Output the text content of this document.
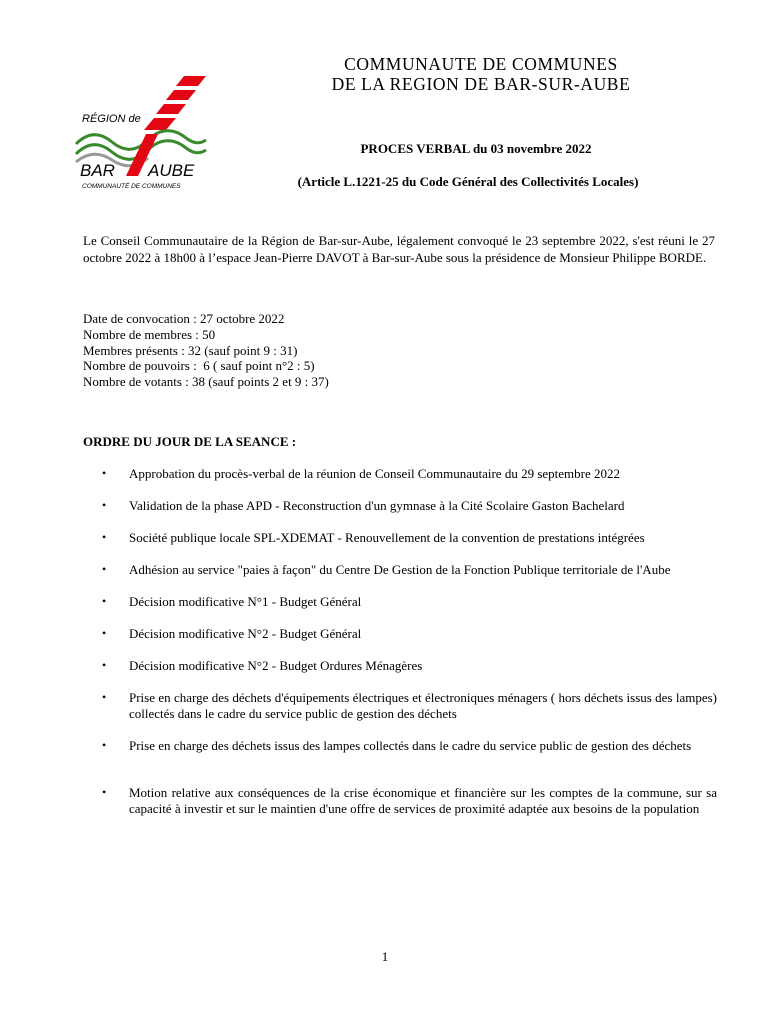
RÉGION de
BAR AUBE
COMMUNAUTÉ DE COMMUNES
COMMUNAUTE DE COMMUNES
DE LA REGION DE BAR-SUR-AUBE
PROCES VERBAL du 03 novembre 2022
(Article L.1221-25 du Code Général des Collectivités Locales)

Le Conseil Communautaire de la Région de Bar-sur-Aube, légalement convoqué le 23 septembre 2022, s'est réuni le 27 octobre 2022 à 18h00 à l’espace Jean-Pierre DAVOT à Bar-sur-Aube sous la présidence de Monsieur Philippe BORDE.

Date de convocation : 27 octobre 2022
Nombre de membres : 50
Membres présents : 32 (sauf point 9 : 31)
Nombre de pouvoirs :  6 ( sauf point n°2 : 5)
Nombre de votants : 38 (sauf points 2 et 9 : 37)
ORDRE DU JOUR DE LA SEANCE :
• Approbation du procès-verbal de la réunion de Conseil Communautaire du 29 septembre 2022
• Validation de la phase APD - Reconstruction d'un gymnase à la Cité Scolaire Gaston Bachelard
• Société publique locale SPL-XDEMAT - Renouvellement de la convention de prestations intégrées
• Adhésion au service "paies à façon" du Centre De Gestion de la Fonction Publique territoriale de l'Aube
• Décision modificative N°1 - Budget Général
• Décision modificative N°2 - Budget Général
• Décision modificative N°2 - Budget Ordures Ménagères
• Prise en charge des déchets d'équipements électriques et électroniques ménagers ( hors déchets issus des lampes) collectés dans le cadre du service public de gestion des déchets
• Prise en charge des déchets issus des lampes collectés dans le cadre du service public de gestion des déchets
• Motion relative aux conséquences de la crise économique et financière sur les comptes de la commune, sur sa capacité à investir et sur le maintien d'une offre de services de proximité adaptée aux besoins de la population
1
